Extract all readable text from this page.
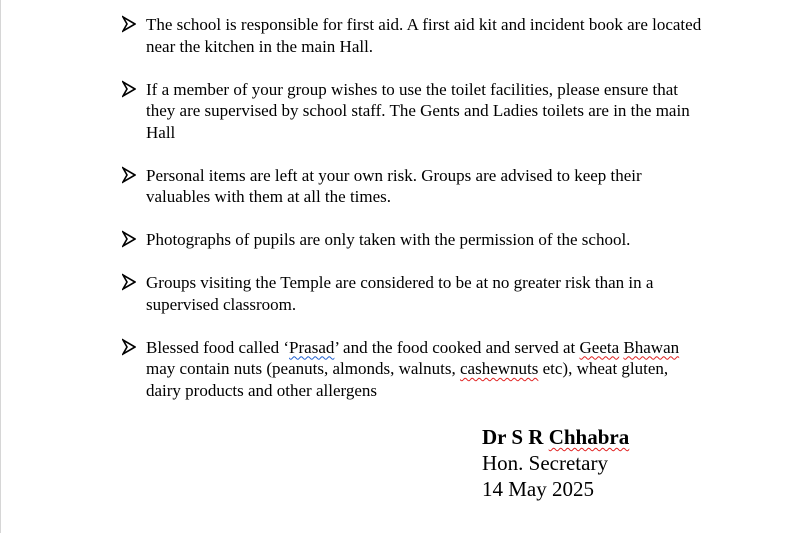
The school is responsible for first aid. A first aid kit and incident book are located near the kitchen in the main Hall.
If a member of your group wishes to use the toilet facilities, please ensure that they are supervised by school staff. The Gents and Ladies toilets are in the main Hall
Personal items are left at your own risk. Groups are advised to keep their valuables with them at all the times.
Photographs of pupils are only taken with the permission of the school.
Groups visiting the Temple are considered to be at no greater risk than in a supervised classroom.
Blessed food called ‘Prasad’ and the food cooked and served at Geeta Bhawan may contain nuts (peanuts, almonds, walnuts, cashewnuts etc), wheat gluten, dairy products and other allergens
Dr S R Chhabra
Hon. Secretary
14 May 2025
